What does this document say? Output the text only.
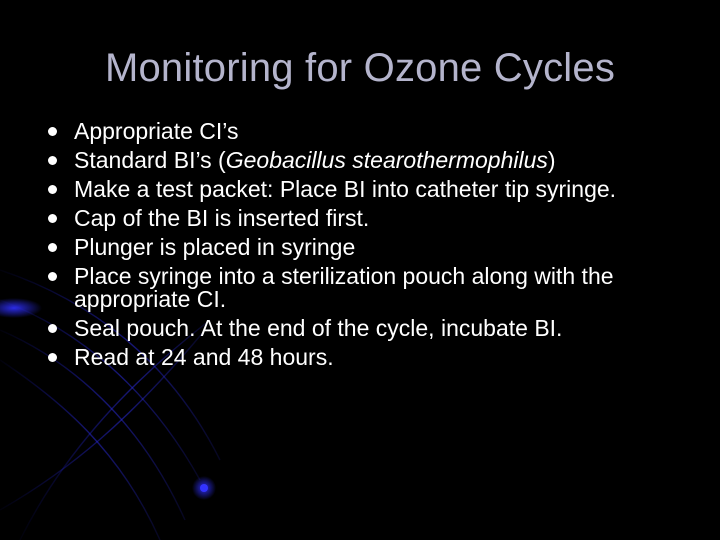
Monitoring for Ozone Cycles
Appropriate CI’s
Standard BI’s (Geobacillus stearothermophilus)
Make a test packet: Place BI into catheter tip syringe.
Cap of the BI is inserted first.
Plunger is placed in syringe
Place syringe into a sterilization pouch along with the appropriate CI.
Seal pouch. At the end of the cycle, incubate BI.
Read at 24 and 48 hours.
